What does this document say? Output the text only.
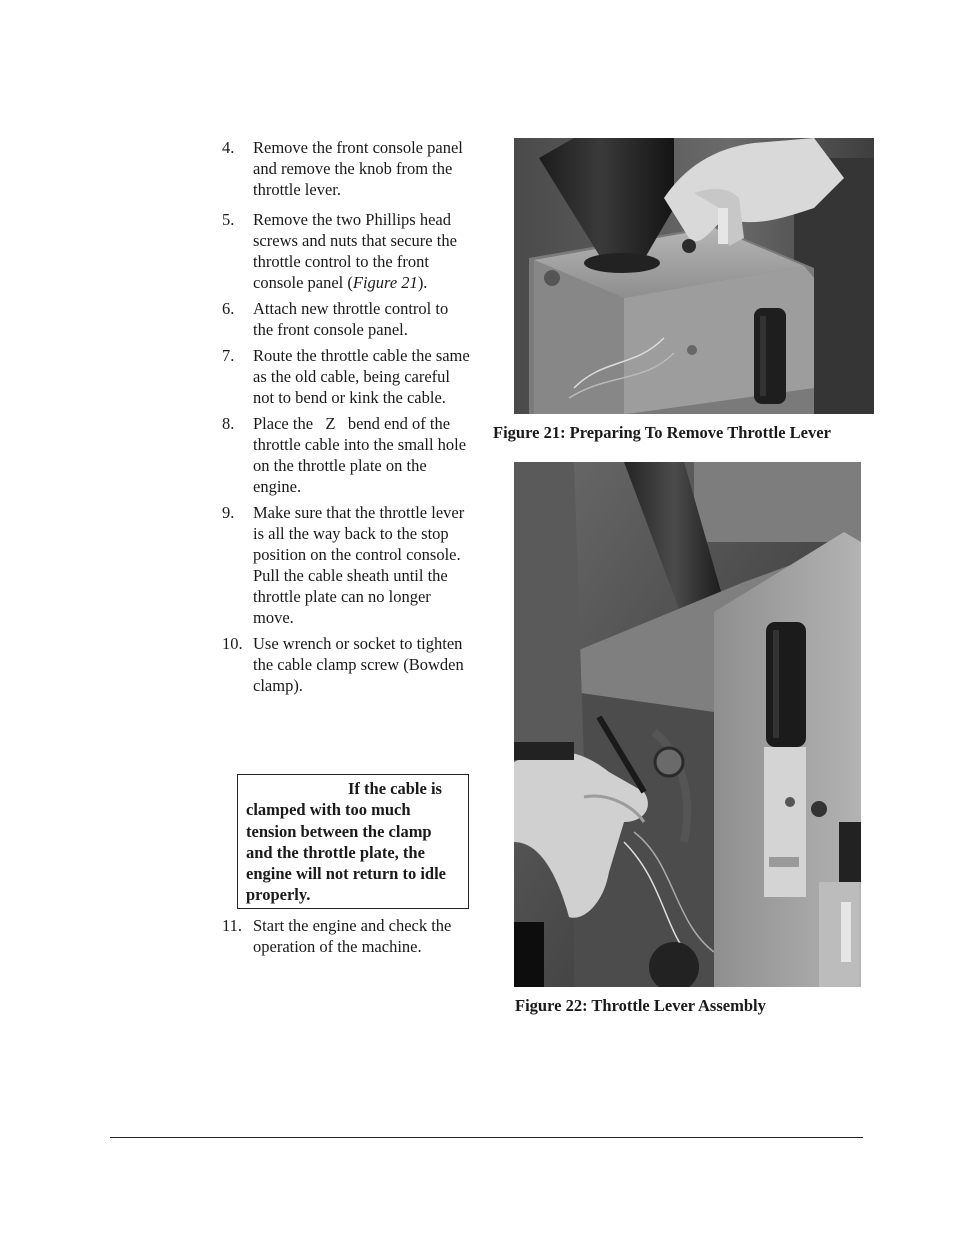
4.	Remove the front console panel and remove the knob from the throttle lever.
5.	Remove the two Phillips head screws and nuts that secure the throttle control to the front console panel (Figure 21).
6.	Attach new throttle control to the front console panel.
7.	Route the throttle cable the same as the old cable, being careful not to bend or kink the cable.
8.	Place the   Z   bend end of the throttle cable into the small hole on the throttle plate on the engine.
9.	Make sure that the throttle lever is all the way back to the stop position on the control console. Pull the cable sheath until the throttle plate can no longer move.
10. Use wrench or socket to tighten the cable clamp screw (Bowden clamp).
If the cable is clamped with too much tension between the clamp and the throttle plate, the engine will not return to idle properly.
11. Start the engine and check the operation of the machine.
Figure 21: Preparing To Remove Throttle Lever
Figure 22: Throttle Lever Assembly
